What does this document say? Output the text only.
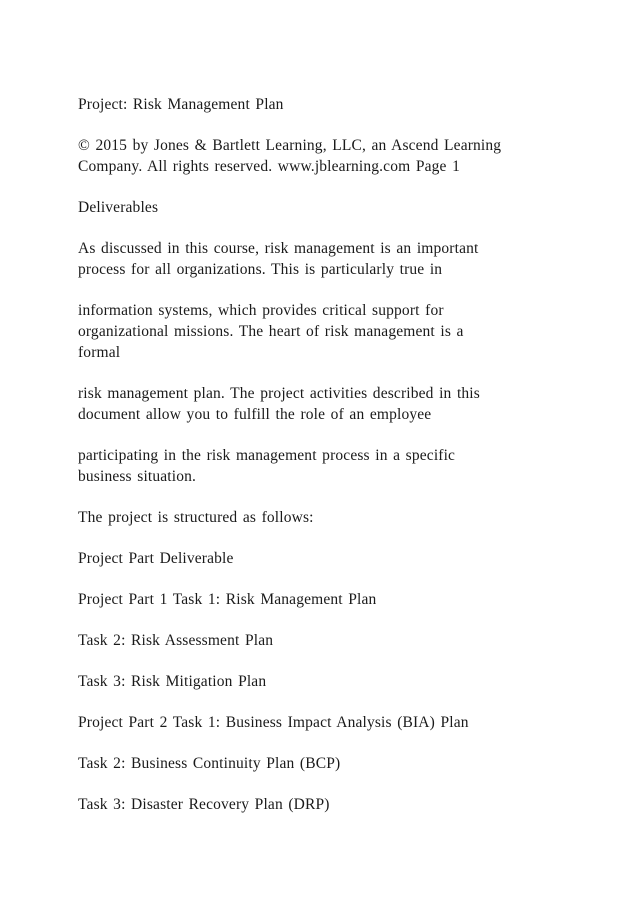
Project: Risk Management Plan

© 2015 by Jones & Bartlett Learning, LLC, an Ascend Learning
Company. All rights reserved. www.jblearning.com Page 1

Deliverables

As discussed in this course, risk management is an important
process for all organizations. This is particularly true in

information systems, which provides critical support for
organizational missions. The heart of risk management is a
formal

risk management plan. The project activities described in this
document allow you to fulfill the role of an employee

participating in the risk management process in a specific
business situation.

The project is structured as follows:

Project Part Deliverable

Project Part 1 Task 1: Risk Management Plan

Task 2: Risk Assessment Plan

Task 3: Risk Mitigation Plan

Project Part 2 Task 1: Business Impact Analysis (BIA) Plan

Task 2: Business Continuity Plan (BCP)

Task 3: Disaster Recovery Plan (DRP)
